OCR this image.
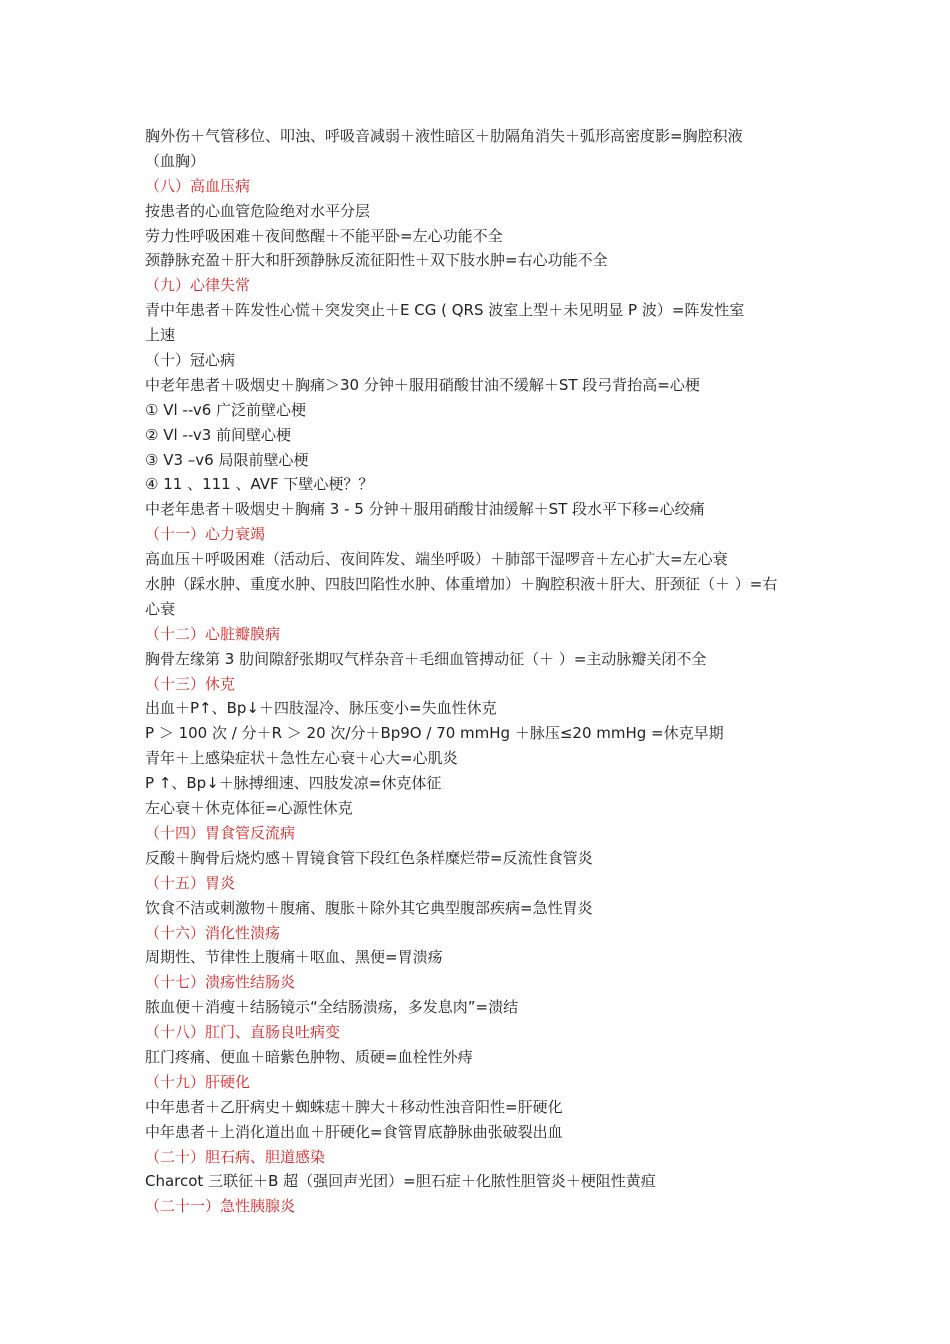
胸外伤＋气管移位、叩浊、呼吸音减弱＋液性暗区＋肋隔角消失＋弧形高密度影=胸腔积液
（血胸）
（八）高血压病
按患者的心血管危险绝对水平分层
劳力性呼吸困难＋夜间憋醒＋不能平卧=左心功能不全
颈静脉充盈＋肝大和肝颈静脉反流征阳性＋双下肢水肿=右心功能不全
（九）心律失常
青中年患者＋阵发性心慌＋突发突止＋E CG ( QRS 波室上型＋未见明显 P 波）=阵发性室
上速
（十）冠心病
中老年患者＋吸烟史＋胸痛＞30 分钟＋服用硝酸甘油不缓解＋ST 段弓背抬高=心梗
① Vl --v6 广泛前壁心梗
② Vl --v3 前间壁心梗
③ V3 –v6 局限前壁心梗
④ 11 、111 、AVF 下壁心梗？？
中老年患者＋吸烟史＋胸痛 3 - 5 分钟＋服用硝酸甘油缓解＋ST 段水平下移=心绞痛
（十一）心力衰竭
高血压＋呼吸困难（活动后、夜间阵发、端坐呼吸）＋肺部干湿啰音＋左心扩大=左心衰
水肿（踩水肿、重度水肿、四肢凹陷性水肿、体重增加）＋胸腔积液＋肝大、肝颈征（＋ ）=右
心衰
（十二）心脏瓣膜病
胸骨左缘第 3 肋间隙舒张期叹气样杂音＋毛细血管搏动征（＋ ）=主动脉瓣关闭不全
（十三）休克
出血＋P↑、Bp↓＋四肢湿冷、脉压变小=失血性休克
P ＞ 100 次 / 分＋R ＞ 20 次/分＋Bp9O / 70 mmHg ＋脉压≤20 mmHg =休克早期
青年＋上感染症状＋急性左心衰＋心大=心肌炎
P ↑、Bp↓＋脉搏细速、四肢发凉=休克体征
左心衰＋休克体征=心源性休克
（十四）胃食管反流病
反酸＋胸骨后烧灼感＋胃镜食管下段红色条样糜烂带=反流性食管炎
（十五）胃炎
饮食不洁或刺激物＋腹痛、腹胀＋除外其它典型腹部疾病=急性胃炎
（十六）消化性溃疡
周期性、节律性上腹痛＋呕血、黑便=胃溃疡
（十七）溃疡性结肠炎
脓血便＋消瘦＋结肠镜示“全结肠溃疡，多发息肉”=溃结
（十八）肛门、直肠良吐病变
肛门疼痛、便血＋暗紫色肿物、质硬=血栓性外痔
（十九）肝硬化
中年患者＋乙肝病史＋蜘蛛痣＋脾大＋移动性浊音阳性=肝硬化
中年患者＋上消化道出血＋肝硬化=食管胃底静脉曲张破裂出血
（二十）胆石病、胆道感染
Charcot 三联征＋B 超（强回声光团）=胆石症＋化脓性胆管炎＋梗阻性黄疸
（二十一）急性胰腺炎
